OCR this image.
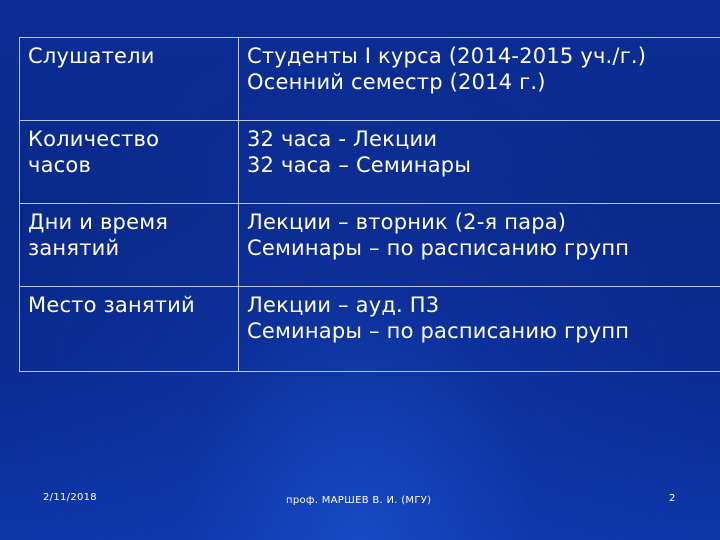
Слушатели	Студенты I курса (2014-2015 уч./г.)
Осенний семестр (2014 г.)

Количество
часов	32 часа - Лекции
32 часа – Семинары

Дни и время
занятий	Лекции – вторник (2-я пара)
Семинары – по расписанию групп

Место занятий	Лекции – ауд. П3
Семинары – по расписанию групп
2/11/2018	проф. МАРШЕВ В. И. (МГУ)	2
